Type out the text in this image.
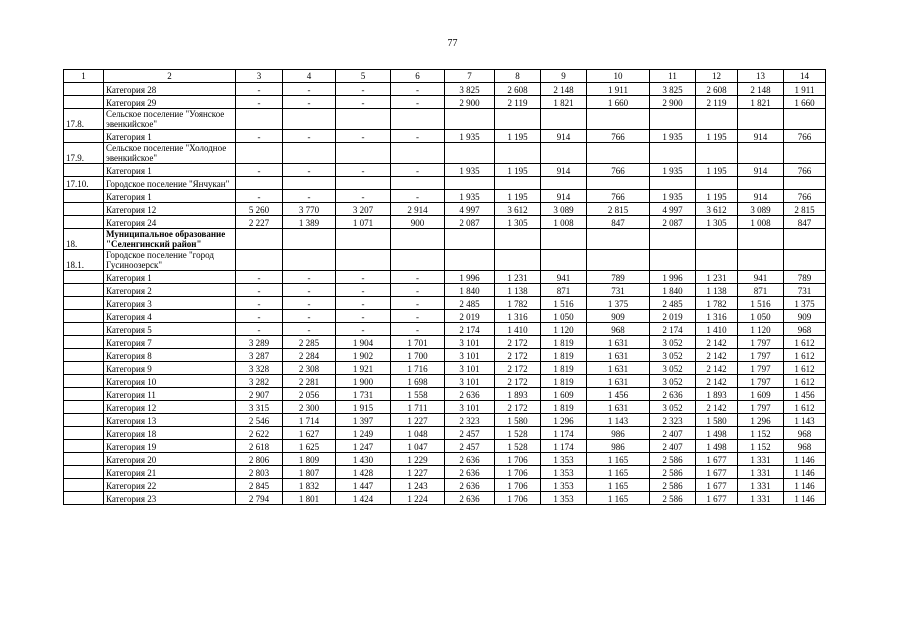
77
1	2	3	4	5	6	7	8	9	10	11	12	13	14
	Категория 28	-	-	-	-	3 825	2 608	2 148	1 911	3 825	2 608	2 148	1 911
	Категория 29	-	-	-	-	2 900	2 119	1 821	1 660	2 900	2 119	1 821	1 660
17.8.	Сельское поселение "Уоянское эвенкийское"												
	Категория 1	-	-	-	-	1 935	1 195	914	766	1 935	1 195	914	766
17.9.	Сельское поселение "Холодное эвенкийское"												
	Категория 1	-	-	-	-	1 935	1 195	914	766	1 935	1 195	914	766
17.10.	Городское поселение "Янчукан"												
	Категория 1	-	-	-	-	1 935	1 195	914	766	1 935	1 195	914	766
	Категория 12	5 260	3 770	3 207	2 914	4 997	3 612	3 089	2 815	4 997	3 612	3 089	2 815
	Категория 24	2 227	1 389	1 071	900	2 087	1 305	1 008	847	2 087	1 305	1 008	847
18.	Муниципальное образование "Селенгинский район"												
18.1.	Городское поселение "город Гусиноозерск"												
	Категория 1	-	-	-	-	1 996	1 231	941	789	1 996	1 231	941	789
	Категория 2	-	-	-	-	1 840	1 138	871	731	1 840	1 138	871	731
	Категория 3	-	-	-	-	2 485	1 782	1 516	1 375	2 485	1 782	1 516	1 375
	Категория 4	-	-	-	-	2 019	1 316	1 050	909	2 019	1 316	1 050	909
	Категория 5	-	-	-	-	2 174	1 410	1 120	968	2 174	1 410	1 120	968
	Категория 7	3 289	2 285	1 904	1 701	3 101	2 172	1 819	1 631	3 052	2 142	1 797	1 612
	Категория 8	3 287	2 284	1 902	1 700	3 101	2 172	1 819	1 631	3 052	2 142	1 797	1 612
	Категория 9	3 328	2 308	1 921	1 716	3 101	2 172	1 819	1 631	3 052	2 142	1 797	1 612
	Категория 10	3 282	2 281	1 900	1 698	3 101	2 172	1 819	1 631	3 052	2 142	1 797	1 612
	Категория 11	2 907	2 056	1 731	1 558	2 636	1 893	1 609	1 456	2 636	1 893	1 609	1 456
	Категория 12	3 315	2 300	1 915	1 711	3 101	2 172	1 819	1 631	3 052	2 142	1 797	1 612
	Категория 13	2 546	1 714	1 397	1 227	2 323	1 580	1 296	1 143	2 323	1 580	1 296	1 143
	Категория 18	2 622	1 627	1 249	1 048	2 457	1 528	1 174	986	2 407	1 498	1 152	968
	Категория 19	2 618	1 625	1 247	1 047	2 457	1 528	1 174	986	2 407	1 498	1 152	968
	Категория 20	2 806	1 809	1 430	1 229	2 636	1 706	1 353	1 165	2 586	1 677	1 331	1 146
	Категория 21	2 803	1 807	1 428	1 227	2 636	1 706	1 353	1 165	2 586	1 677	1 331	1 146
	Категория 22	2 845	1 832	1 447	1 243	2 636	1 706	1 353	1 165	2 586	1 677	1 331	1 146
	Категория 23	2 794	1 801	1 424	1 224	2 636	1 706	1 353	1 165	2 586	1 677	1 331	1 146
